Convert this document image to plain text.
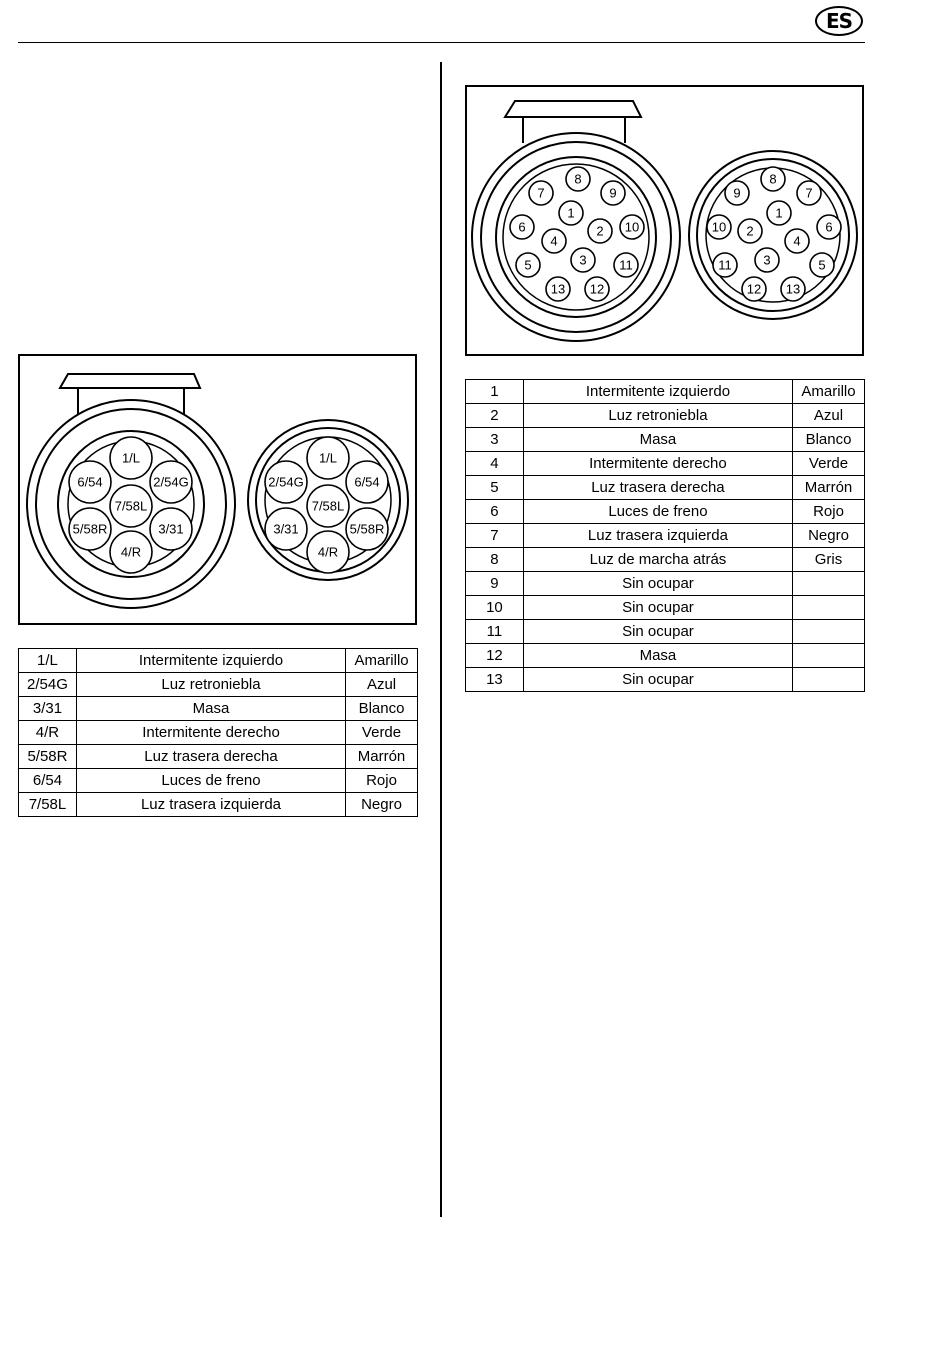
ES
1/L
6/54	2/54G
7/58L
5/58R	3/31
4/R
1/L
2/54G	6/54
7/58L
3/31	5/58R
4/R
1/L	Intermitente izquierdo	Amarillo
2/54G	Luz retroniebla	Azul
3/31	Masa	Blanco
4/R	Intermitente derecho	Verde
5/58R	Luz trasera derecha	Marrón
6/54	Luces de freno	Rojo
7/58L	Luz trasera izquierda	Negro
8
7	9
1
6	2 10
4
5	3	11
13 12
8
9	7
1
10 2	6
4
11 3	5
12 13
1	Intermitente izquierdo	Amarillo
2	Luz retroniebla	Azul
3	Masa	Blanco
4	Intermitente derecho	Verde
5	Luz trasera derecha	Marrón
6	Luces de freno	Rojo
7	Luz trasera izquierda	Negro
8	Luz de marcha atrás	Gris
9	Sin ocupar	
10	Sin ocupar	
11	Sin ocupar	
12	Masa	
13	Sin ocupar	
